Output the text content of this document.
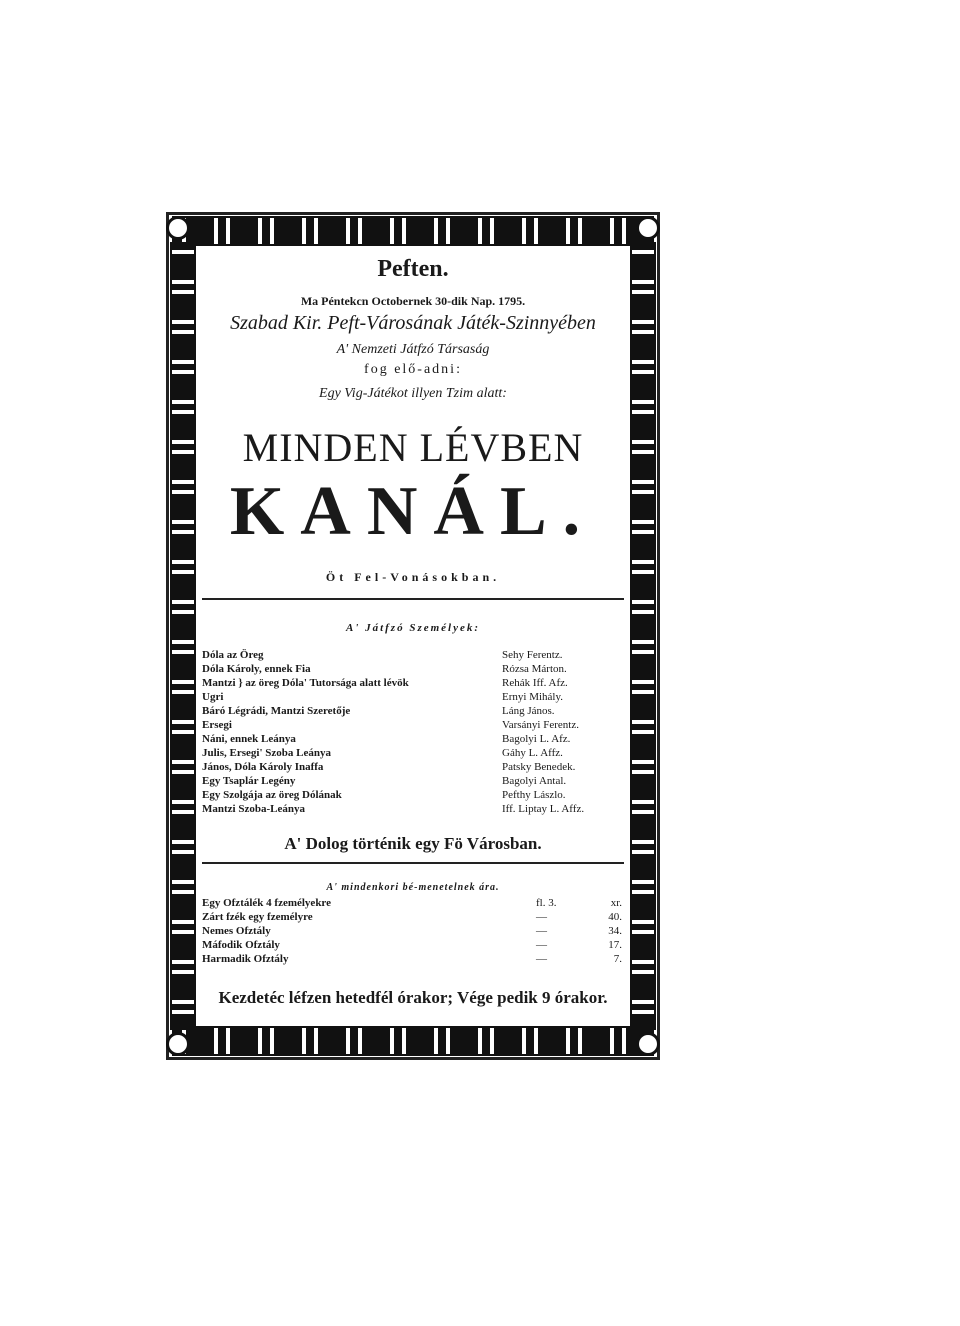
Peften.
Ma Péntekcn Octobernek 30-dik Nap. 1795.
Szabad Kir. Peft-Városának Játék-Szinnyében
A' Nemzeti Játfzó Társaság
fog elő-adni:
Egy Vig-Játékot illyen Tzim alatt:
MINDEN LÉVBEN
KANÁL.
Öt Fel-Vonásokban.
A' Játfzó Személyek:
Dóla az Öreg	Sehy Ferentz.
Dóla Károly, ennek Fia	Rózsa Márton.
Mantzi } az öreg Dóla' Tutorsága alatt lévök	Rehák Iff. Afz.
Ugri	Ernyi Mihály.
Báró Légrádi, Mantzi Szeretője	Láng János.
Ersegi	Varsányi Ferentz.
Náni, ennek Leánya	Bagolyi L. Afz.
Julis, Ersegi' Szoba Leánya	Gáhy L. Affz.
János, Dóla Károly Inaffa	Patsky Benedek.
Egy Tsaplár Legény	Bagolyi Antal.
Egy Szolgája az öreg Dólának	Pefthy Lászlo.
Mantzi Szoba-Leánya	Iff. Liptay L. Affz.
A' Dolog történik egy Fö Városban.
A' mindenkori bé-menetelnek ára.
Egy Ofztálék 4 fzemélyekre	fl. 3.	xr.
Zárt fzék egy fzemélyre	—	40.
Nemes Ofztály	—	34.
Máfodik Ofztály	—	17.
Harmadik Ofztály	—	7.
Kezdetéc léfzen hetedfél órakor; Vége pedik 9 órakor.
